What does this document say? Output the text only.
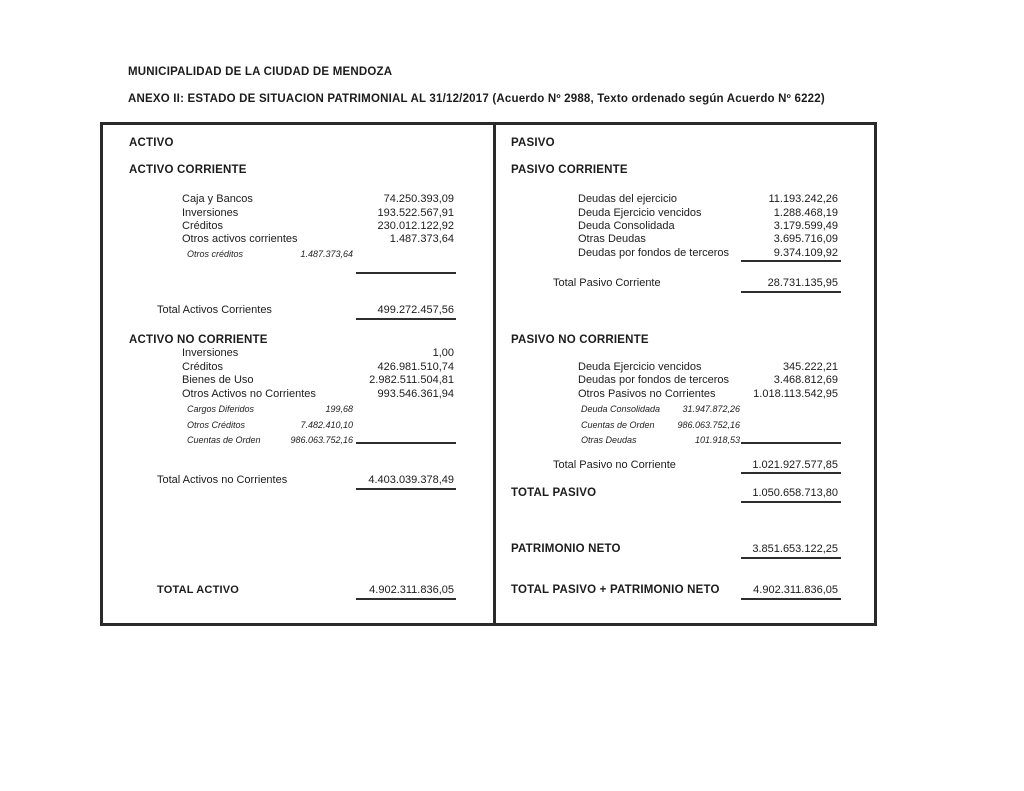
MUNICIPALIDAD DE LA CIUDAD DE MENDOZA
ANEXO II: ESTADO DE SITUACION PATRIMONIAL AL 31/12/2017 (Acuerdo Nº 2988, Texto ordenado según Acuerdo Nº 6222)
ACTIVO
ACTIVO CORRIENTE
Caja y Bancos	74.250.393,09
Inversiones	193.522.567,91
Créditos	230.012.122,92
Otros activos corrientes	1.487.373,64
Otros créditos	1.487.373,64
Total Activos Corrientes	499.272.457,56
ACTIVO NO CORRIENTE
Inversiones	1,00
Créditos	426.981.510,74
Bienes de Uso	2.982.511.504,81
Otros Activos no Corrientes	993.546.361,94
Cargos Diferidos	199,68
Otros Créditos	7.482.410,10
Cuentas de Orden	986.063.752,16
Total Activos no Corrientes	4.403.039.378,49
TOTAL ACTIVO	4.902.311.836,05
PASIVO
PASIVO CORRIENTE
Deudas del ejercicio	11.193.242,26
Deuda Ejercicio vencidos	1.288.468,19
Deuda Consolidada	3.179.599,49
Otras Deudas	3.695.716,09
Deudas por fondos de terceros	9.374.109,92
Total Pasivo Corriente	28.731.135,95
PASIVO NO CORRIENTE
Deuda Ejercicio vencidos	345.222,21
Deudas por fondos de terceros	3.468.812,69
Otros Pasivos no Corrientes	1.018.113.542,95
Deuda Consolidada	31.947.872,26
Cuentas de Orden	986.063.752,16
Otras Deudas	101.918,53
Total Pasivo no Corriente	1.021.927.577,85
TOTAL PASIVO	1.050.658.713,80
PATRIMONIO NETO	3.851.653.122,25
TOTAL PASIVO + PATRIMONIO NETO	4.902.311.836,05
